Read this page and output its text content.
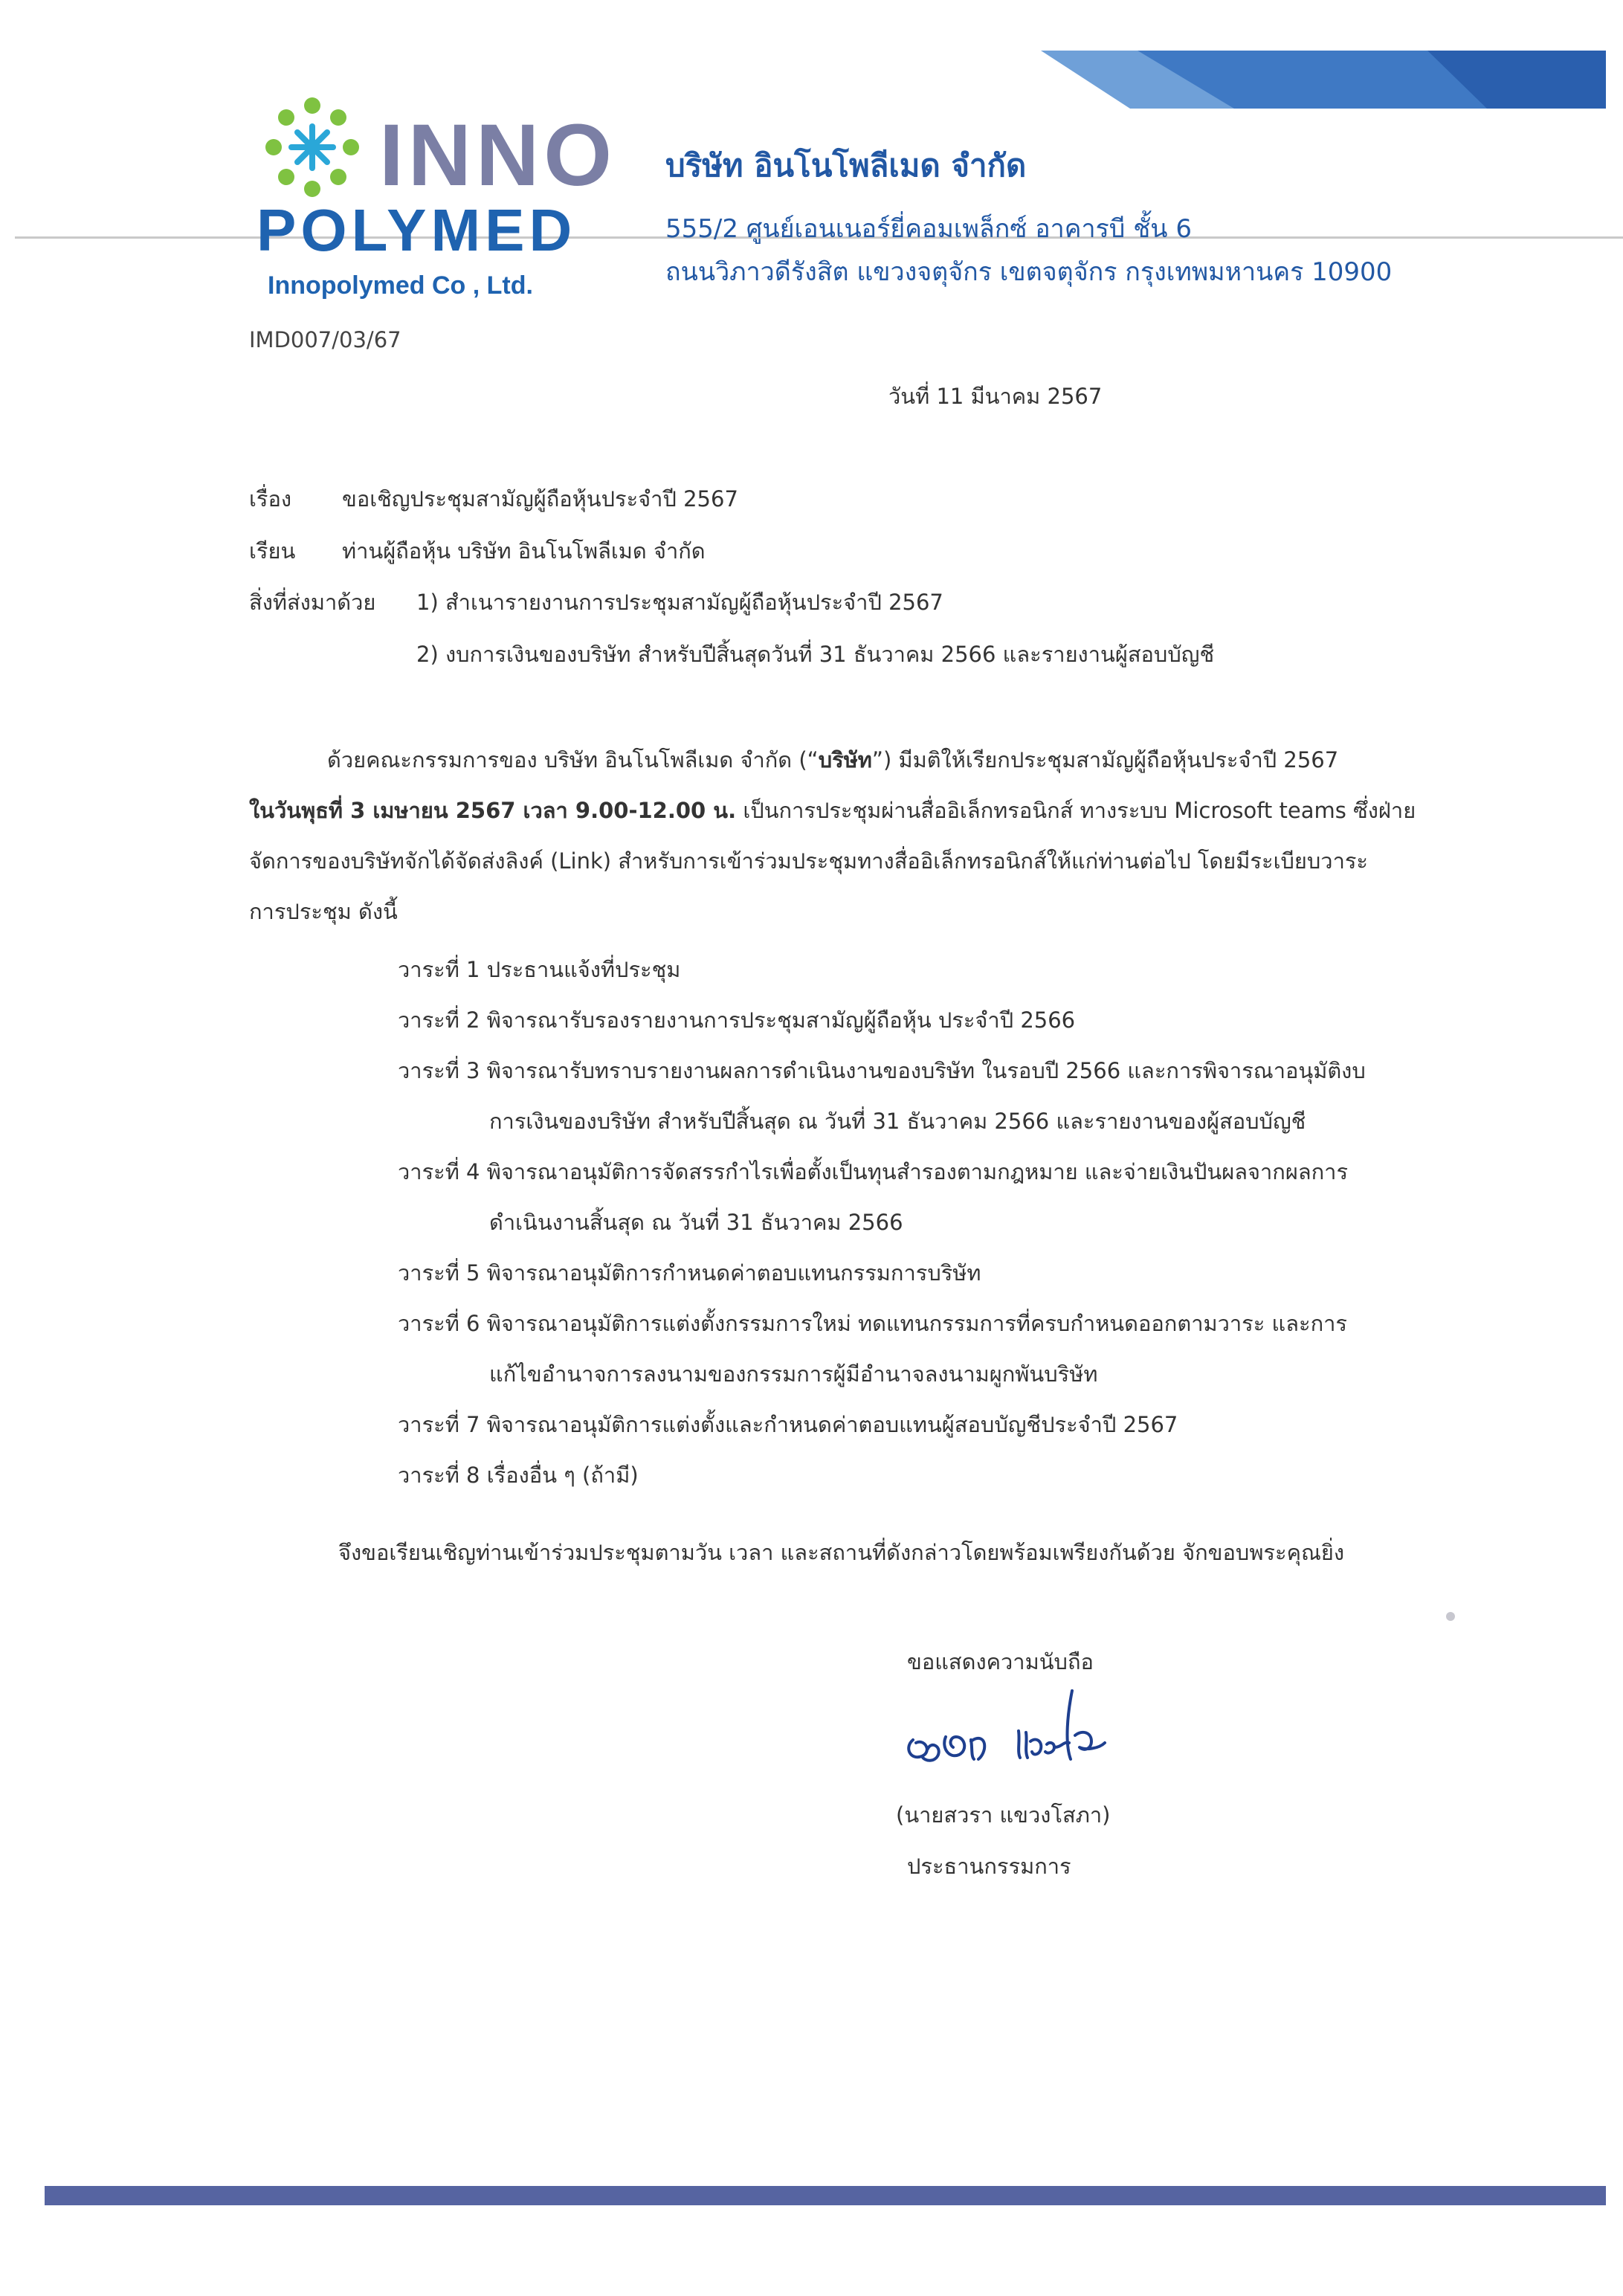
INNO
POLYMED
Innopolymed Co , Ltd.
บริษัท อินโนโพลีเมด จำกัด
555/2 ศูนย์เอนเนอร์ยี่คอมเพล็กซ์ อาคารบี ชั้น 6
ถนนวิภาวดีรังสิต แขวงจตุจักร เขตจตุจักร กรุงเทพมหานคร 10900
IMD007/03/67
วันที่ 11 มีนาคม 2567
เรื่อง ขอเชิญประชุมสามัญผู้ถือหุ้นประจำปี 2567
เรียน ท่านผู้ถือหุ้น บริษัท อินโนโพลีเมด จำกัด
สิ่งที่ส่งมาด้วย 1) สำเนารายงานการประชุมสามัญผู้ถือหุ้นประจำปี 2567
2) งบการเงินของบริษัท สำหรับปีสิ้นสุดวันที่ 31 ธันวาคม 2566 และรายงานผู้สอบบัญชี
ด้วยคณะกรรมการของ บริษัท อินโนโพลีเมด จำกัด (“บริษัท”) มีมติให้เรียกประชุมสามัญผู้ถือหุ้นประจำปี 2567
ในวันพุธที่ 3 เมษายน 2567 เวลา 9.00-12.00 น. เป็นการประชุมผ่านสื่ออิเล็กทรอนิกส์ ทางระบบ Microsoft teams ซึ่งฝ่าย
จัดการของบริษัทจักได้จัดส่งลิงค์ (Link) สำหรับการเข้าร่วมประชุมทางสื่ออิเล็กทรอนิกส์ให้แก่ท่านต่อไป โดยมีระเบียบวาระ
การประชุม ดังนี้
วาระที่ 1 ประธานแจ้งที่ประชุม
วาระที่ 2 พิจารณารับรองรายงานการประชุมสามัญผู้ถือหุ้น ประจำปี 2566
วาระที่ 3 พิจารณารับทราบรายงานผลการดำเนินงานของบริษัท ในรอบปี 2566 และการพิจารณาอนุมัติงบ
การเงินของบริษัท สำหรับปีสิ้นสุด ณ วันที่ 31 ธันวาคม 2566 และรายงานของผู้สอบบัญชี
วาระที่ 4 พิจารณาอนุมัติการจัดสรรกำไรเพื่อตั้งเป็นทุนสำรองตามกฎหมาย และจ่ายเงินปันผลจากผลการ
ดำเนินงานสิ้นสุด ณ วันที่ 31 ธันวาคม 2566
วาระที่ 5 พิจารณาอนุมัติการกำหนดค่าตอบแทนกรรมการบริษัท
วาระที่ 6 พิจารณาอนุมัติการแต่งตั้งกรรมการใหม่ ทดแทนกรรมการที่ครบกำหนดออกตามวาระ และการ
แก้ไขอำนาจการลงนามของกรรมการผู้มีอำนาจลงนามผูกพันบริษัท
วาระที่ 7 พิจารณาอนุมัติการแต่งตั้งและกำหนดค่าตอบแทนผู้สอบบัญชีประจำปี 2567
วาระที่ 8 เรื่องอื่น ๆ (ถ้ามี)
จึงขอเรียนเชิญท่านเข้าร่วมประชุมตามวัน เวลา และสถานที่ดังกล่าวโดยพร้อมเพรียงกันด้วย จักขอบพระคุณยิ่ง
ขอแสดงความนับถือ
(นายสวรา แขวงโสภา)
ประธานกรรมการ
